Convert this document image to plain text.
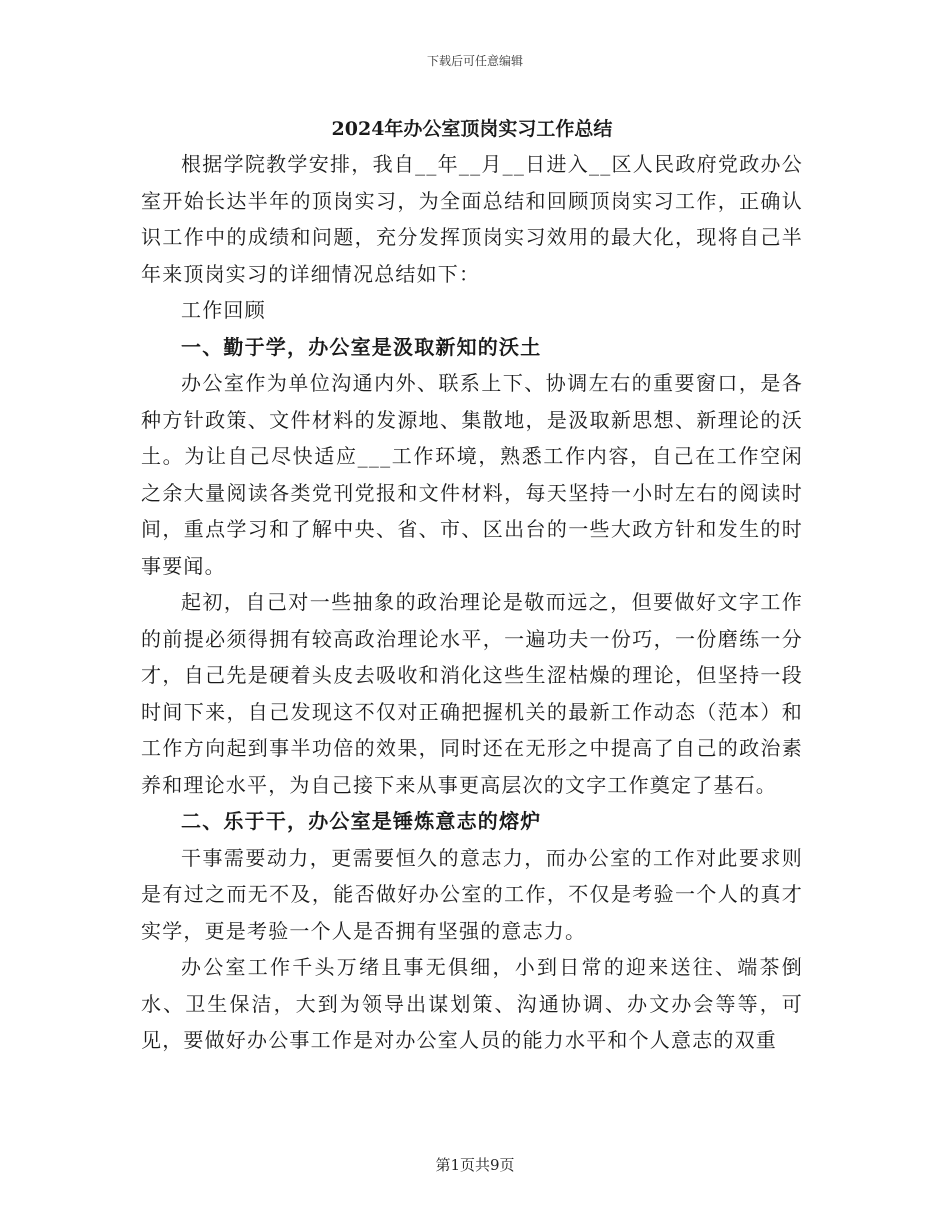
下载后可任意编辑
2024年办公室顶岗实习工作总结

根据学院教学安排，我自__年__月__日进入__区人民政府党政办公室开始长达半年的顶岗实习，为全面总结和回顾顶岗实习工作，正确认识工作中的成绩和问题，充分发挥顶岗实习效用的最大化，现将自己半年来顶岗实习的详细情况总结如下：

工作回顾

一、勤于学，办公室是汲取新知的沃土

办公室作为单位沟通内外、联系上下、协调左右的重要窗口，是各种方针政策、文件材料的发源地、集散地，是汲取新思想、新理论的沃土。为让自己尽快适应___工作环境，熟悉工作内容，自己在工作空闲之余大量阅读各类党刊党报和文件材料，每天坚持一小时左右的阅读时间，重点学习和了解中央、省、市、区出台的一些大政方针和发生的时事要闻。

起初，自己对一些抽象的政治理论是敬而远之，但要做好文字工作的前提必须得拥有较高政治理论水平，一遍功夫一份巧，一份磨练一分才，自己先是硬着头皮去吸收和消化这些生涩枯燥的理论，但坚持一段时间下来，自己发现这不仅对正确把握机关的最新工作动态（范本）和工作方向起到事半功倍的效果，同时还在无形之中提高了自己的政治素养和理论水平，为自己接下来从事更高层次的文字工作奠定了基石。

二、乐于干，办公室是锤炼意志的熔炉

干事需要动力，更需要恒久的意志力，而办公室的工作对此要求则是有过之而无不及，能否做好办公室的工作，不仅是考验一个人的真才实学，更是考验一个人是否拥有坚强的意志力。

办公室工作千头万绪且事无俱细，小到日常的迎来送往、端茶倒水、卫生保洁，大到为领导出谋划策、沟通协调、办文办会等等，可见，要做好办公事工作是对办公室人员的能力水平和个人意志的双重

第1页共9页
